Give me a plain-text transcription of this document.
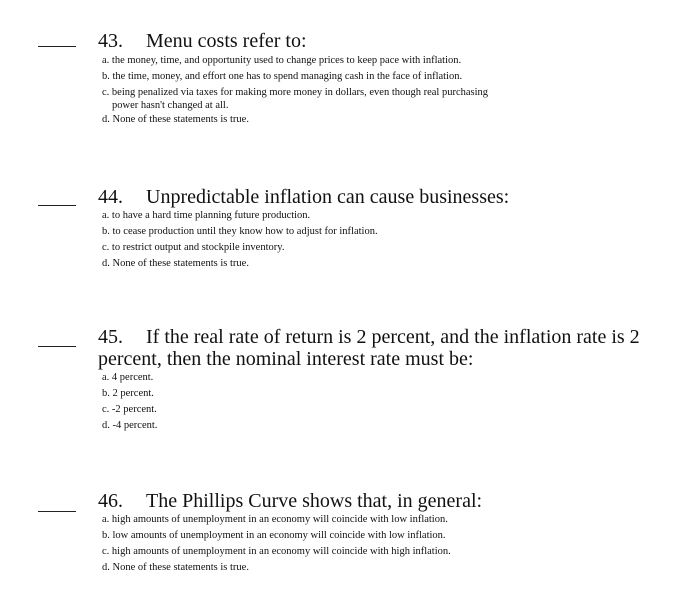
43. Menu costs refer to:
a. the money, time, and opportunity used to change prices to keep pace with inflation.
b. the time, money, and effort one has to spend managing cash in the face of inflation.
c. being penalized via taxes for making more money in dollars, even though real purchasing
power hasn't changed at all.
d. None of these statements is true.
44. Unpredictable inflation can cause businesses:
a. to have a hard time planning future production.
b. to cease production until they know how to adjust for inflation.
c. to restrict output and stockpile inventory.
d. None of these statements is true.
45. If the real rate of return is 2 percent, and the inflation rate is 2
percent, then the nominal interest rate must be:
a. 4 percent.
b. 2 percent.
c. -2 percent.
d. -4 percent.
46. The Phillips Curve shows that, in general:
a. high amounts of unemployment in an economy will coincide with low inflation.
b. low amounts of unemployment in an economy will coincide with low inflation.
c. high amounts of unemployment in an economy will coincide with high inflation.
d. None of these statements is true.
